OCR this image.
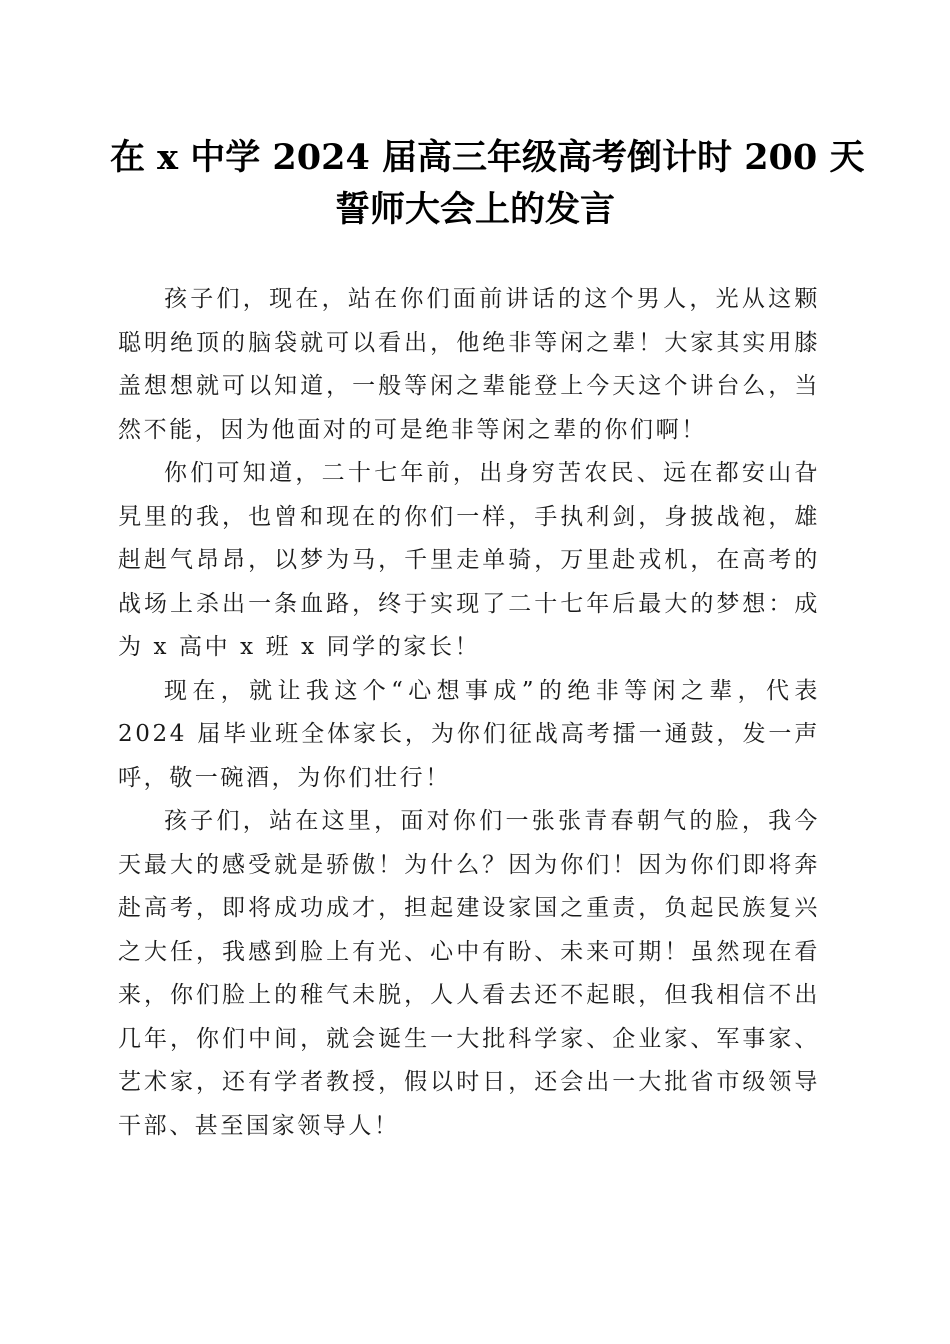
在 x 中学 2024 届高三年级高考倒计时 200 天
誓师大会上的发言

孩子们，现在，站在你们面前讲话的这个男人，光从这颗聪明绝顶的脑袋就可以看出，他绝非等闲之辈！大家其实用膝盖想想就可以知道，一般等闲之辈能登上今天这个讲台么，当然不能，因为他面对的可是绝非等闲之辈的你们啊！

你们可知道，二十七年前，出身穷苦农民、远在都安山旮旯里的我，也曾和现在的你们一样，手执利剑，身披战袍，雄赳赳气昂昂，以梦为马，千里走单骑，万里赴戎机，在高考的战场上杀出一条血路，终于实现了二十七年后最大的梦想：成为 x 高中 x 班 x 同学的家长！

现在，就让我这个“心想事成”的绝非等闲之辈，代表 2024 届毕业班全体家长，为你们征战高考擂一通鼓，发一声呼，敬一碗酒，为你们壮行！

孩子们，站在这里，面对你们一张张青春朝气的脸，我今天最大的感受就是骄傲！为什么？因为你们！因为你们即将奔赴高考，即将成功成才，担起建设家国之重责，负起民族复兴之大任，我感到脸上有光、心中有盼、未来可期！虽然现在看来，你们脸上的稚气未脱，人人看去还不起眼，但我相信不出几年，你们中间，就会诞生一大批科学家、企业家、军事家、艺术家，还有学者教授，假以时日，还会出一大批省市级领导干部、甚至国家领导人！
